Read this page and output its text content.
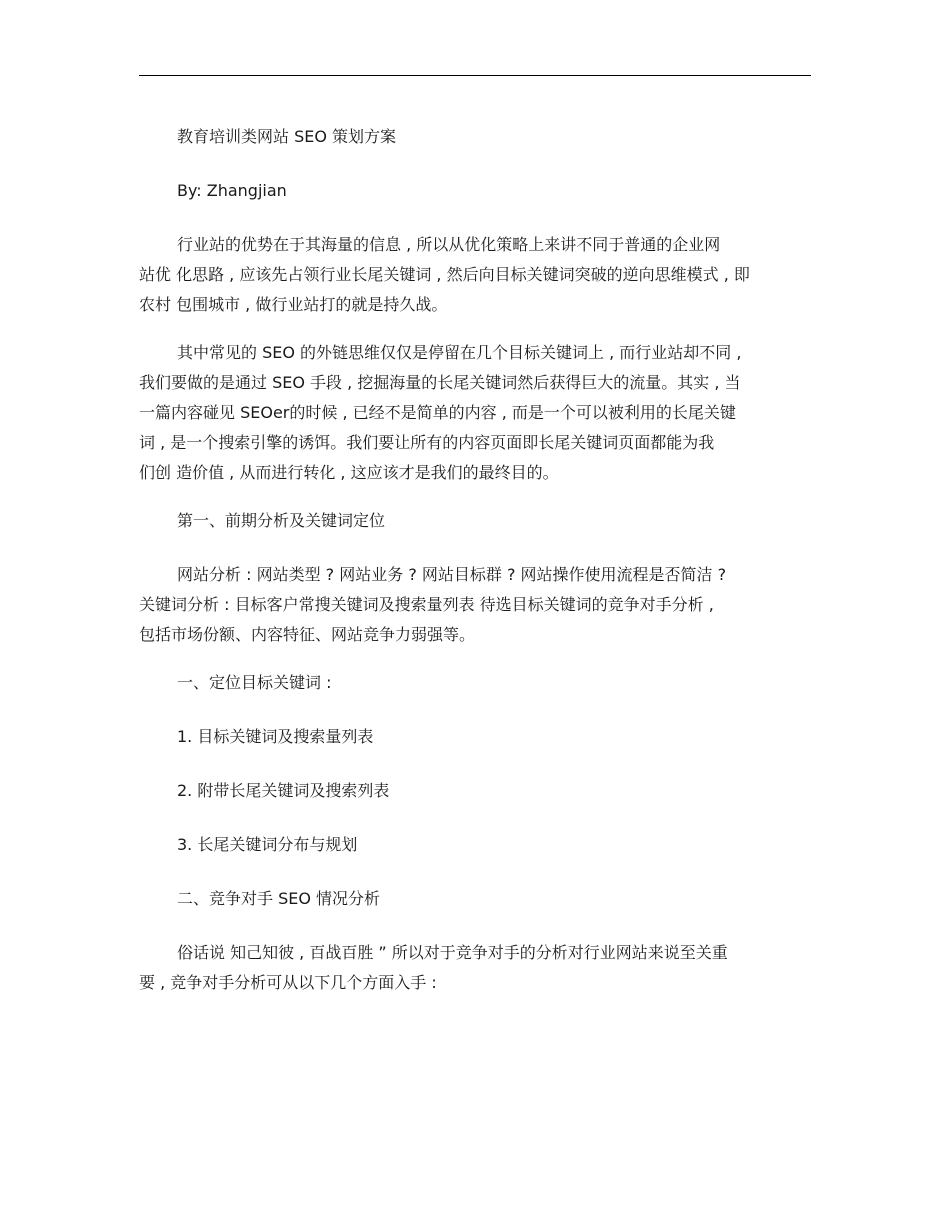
教育培训类网站 SEO 策划方案

By: Zhangjian

行业站的优势在于其海量的信息 , 所以从优化策略上来讲不同于普通的企业网
站优 化思路 , 应该先占领行业长尾关键词 , 然后向目标关键词突破的逆向思维模式 , 即
农村 包围城市 , 做行业站打的就是持久战。

其中常见的 SEO 的外链思维仅仅是停留在几个目标关键词上 , 而行业站却不同 ,
我们要做的是通过 SEO 手段 , 挖掘海量的长尾关键词然后获得巨大的流量。其实 , 当
一篇内容碰见 SEOer的时候 , 已经不是简单的内容 , 而是一个可以被利用的长尾关键
词 , 是一个搜索引擎的诱饵。我们要让所有的内容页面即长尾关键词页面都能为我
们创 造价值 , 从而进行转化 , 这应该才是我们的最终目的。

第一、前期分析及关键词定位

网站分析 : 网站类型 ? 网站业务 ? 网站目标群 ? 网站操作使用流程是否简洁 ?
关键词分析 : 目标客户常搜关键词及搜索量列表 待选目标关键词的竞争对手分析 ,
包括市场份额、内容特征、网站竞争力弱强等。

一、定位目标关键词 :

1. 目标关键词及搜索量列表

2. 附带长尾关键词及搜索列表

3. 长尾关键词分布与规划

二、竞争对手 SEO 情况分析

俗话说 知己知彼 , 百战百胜 ” 所以对于竞争对手的分析对行业网站来说至关重
要 , 竞争对手分析可从以下几个方面入手 :
